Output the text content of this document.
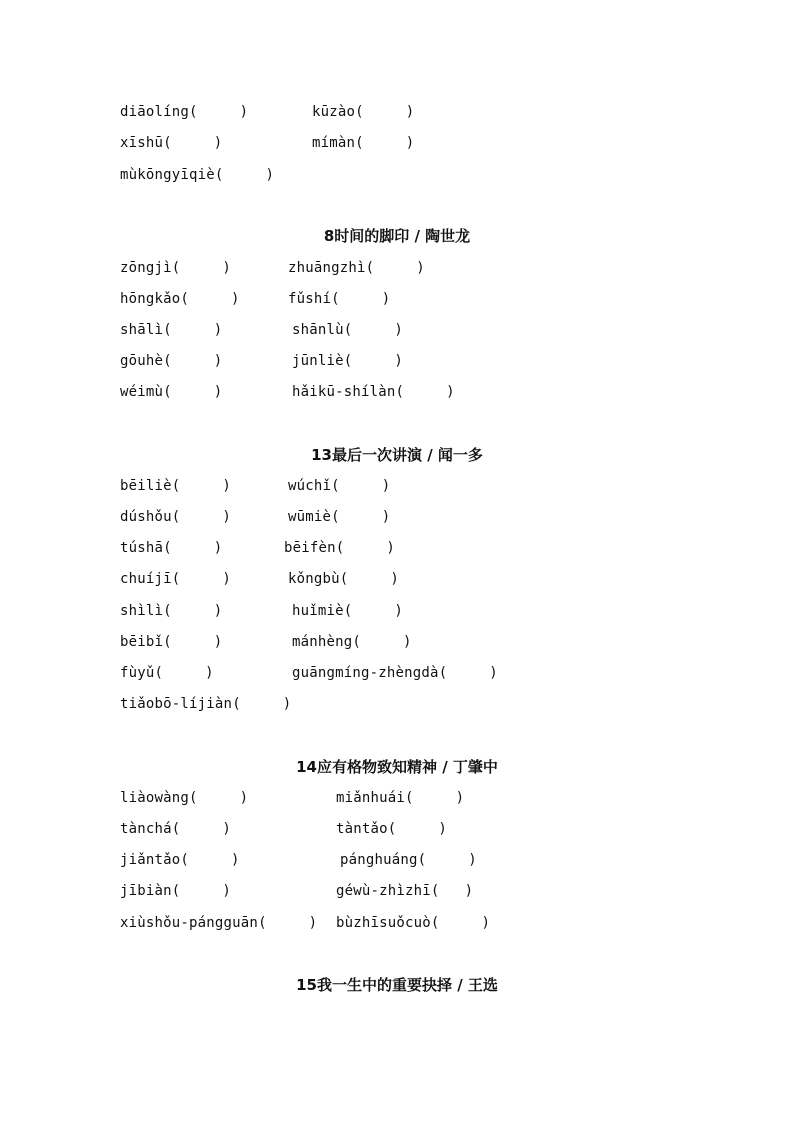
diāolíng(     )	kūzào(     )
xīshū(     )	mímàn(     )
mùkōngyīqiè(     )
8时间的脚印 / 陶世龙
zōngjì(     )	zhuāngzhì(     )
hōngkǎo(     )	fǔshí(     )
shālì(     )	shānlù(     )
gōuhè(     )	jūnliè(     )
wéimù(     )	hǎikū-shílàn(     )
13最后一次讲演 / 闻一多
bēiliè(     )	wúchǐ(     )
dúshǒu(     )	wūmiè(     )
túshā(     )	bēifèn(     )
chuíjī(     )	kǒngbù(     )
shìlì(     )	huǐmiè(     )
bēibǐ(     )	mánhèng(     )
fùyǔ(     )	guāngmíng-zhèngdà(     )
tiǎobō-líjiàn(     )
14应有格物致知精神 / 丁肇中
liàowàng(     )	miǎnhuái(     )
tànchá(     )	tàntǎo(     )
jiǎntǎo(     )	pánghuáng(     )
jībiàn(     )	géwù-zhìzhī(   )
xiùshǒu-pángguān(     ) bùzhīsuǒcuò(     )
15我一生中的重要抉择 / 王选
